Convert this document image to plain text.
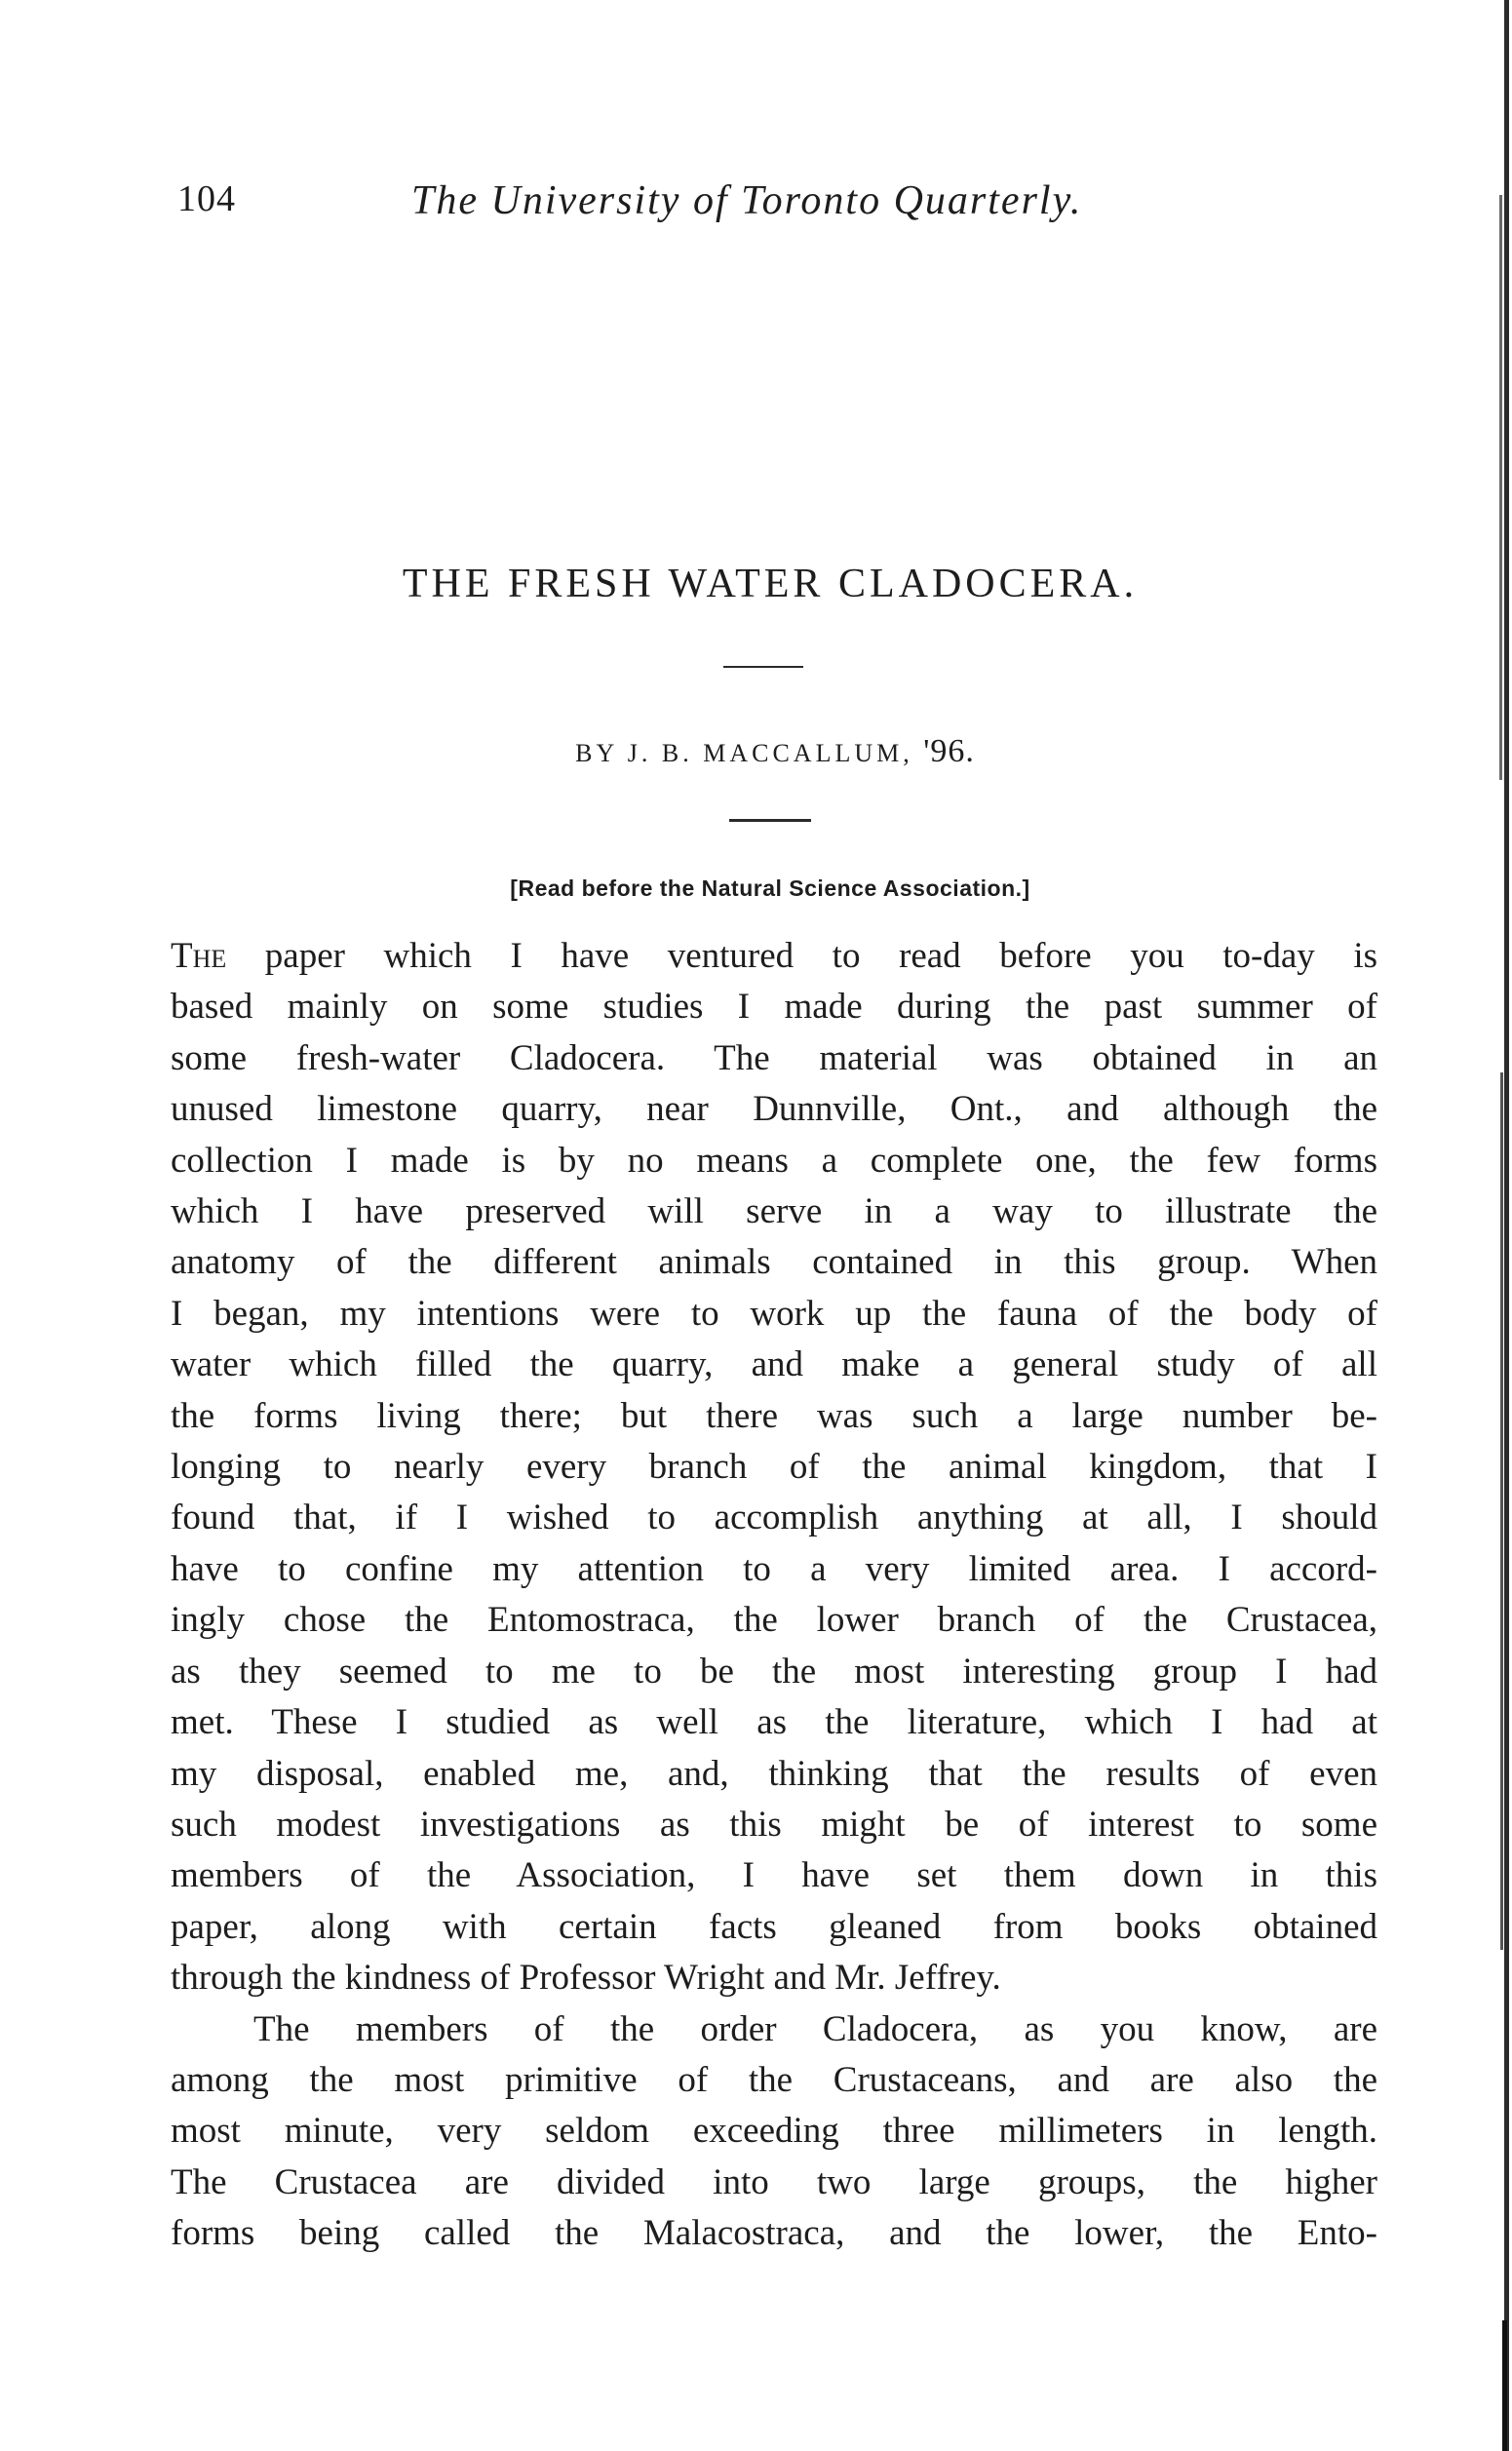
104	The University of Toronto Quarterly.
THE FRESH WATER CLADOCERA.
BY J. B. MACCALLUM, '96.
[Read before the Natural Science Association.]
The paper which I have ventured to read before you to-day is
based mainly on some studies I made during the past summer of
some fresh-water Cladocera. The material was obtained in an
unused limestone quarry, near Dunnville, Ont., and although the
collection I made is by no means a complete one, the few forms
which I have preserved will serve in a way to illustrate the
anatomy of the different animals contained in this group. When
I began, my intentions were to work up the fauna of the body of
water which filled the quarry, and make a general study of all
the forms living there; but there was such a large number be-
longing to nearly every branch of the animal kingdom, that I
found that, if I wished to accomplish anything at all, I should
have to confine my attention to a very limited area. I accord-
ingly chose the Entomostraca, the lower branch of the Crustacea,
as they seemed to me to be the most interesting group I had
met. These I studied as well as the literature, which I had at
my disposal, enabled me, and, thinking that the results of even
such modest investigations as this might be of interest to some
members of the Association, I have set them down in this
paper, along with certain facts gleaned from books obtained
through the kindness of Professor Wright and Mr. Jeffrey.
The members of the order Cladocera, as you know, are
among the most primitive of the Crustaceans, and are also the
most minute, very seldom exceeding three millimeters in length.
The Crustacea are divided into two large groups, the higher
forms being called the Malacostraca, and the lower, the Ento-
